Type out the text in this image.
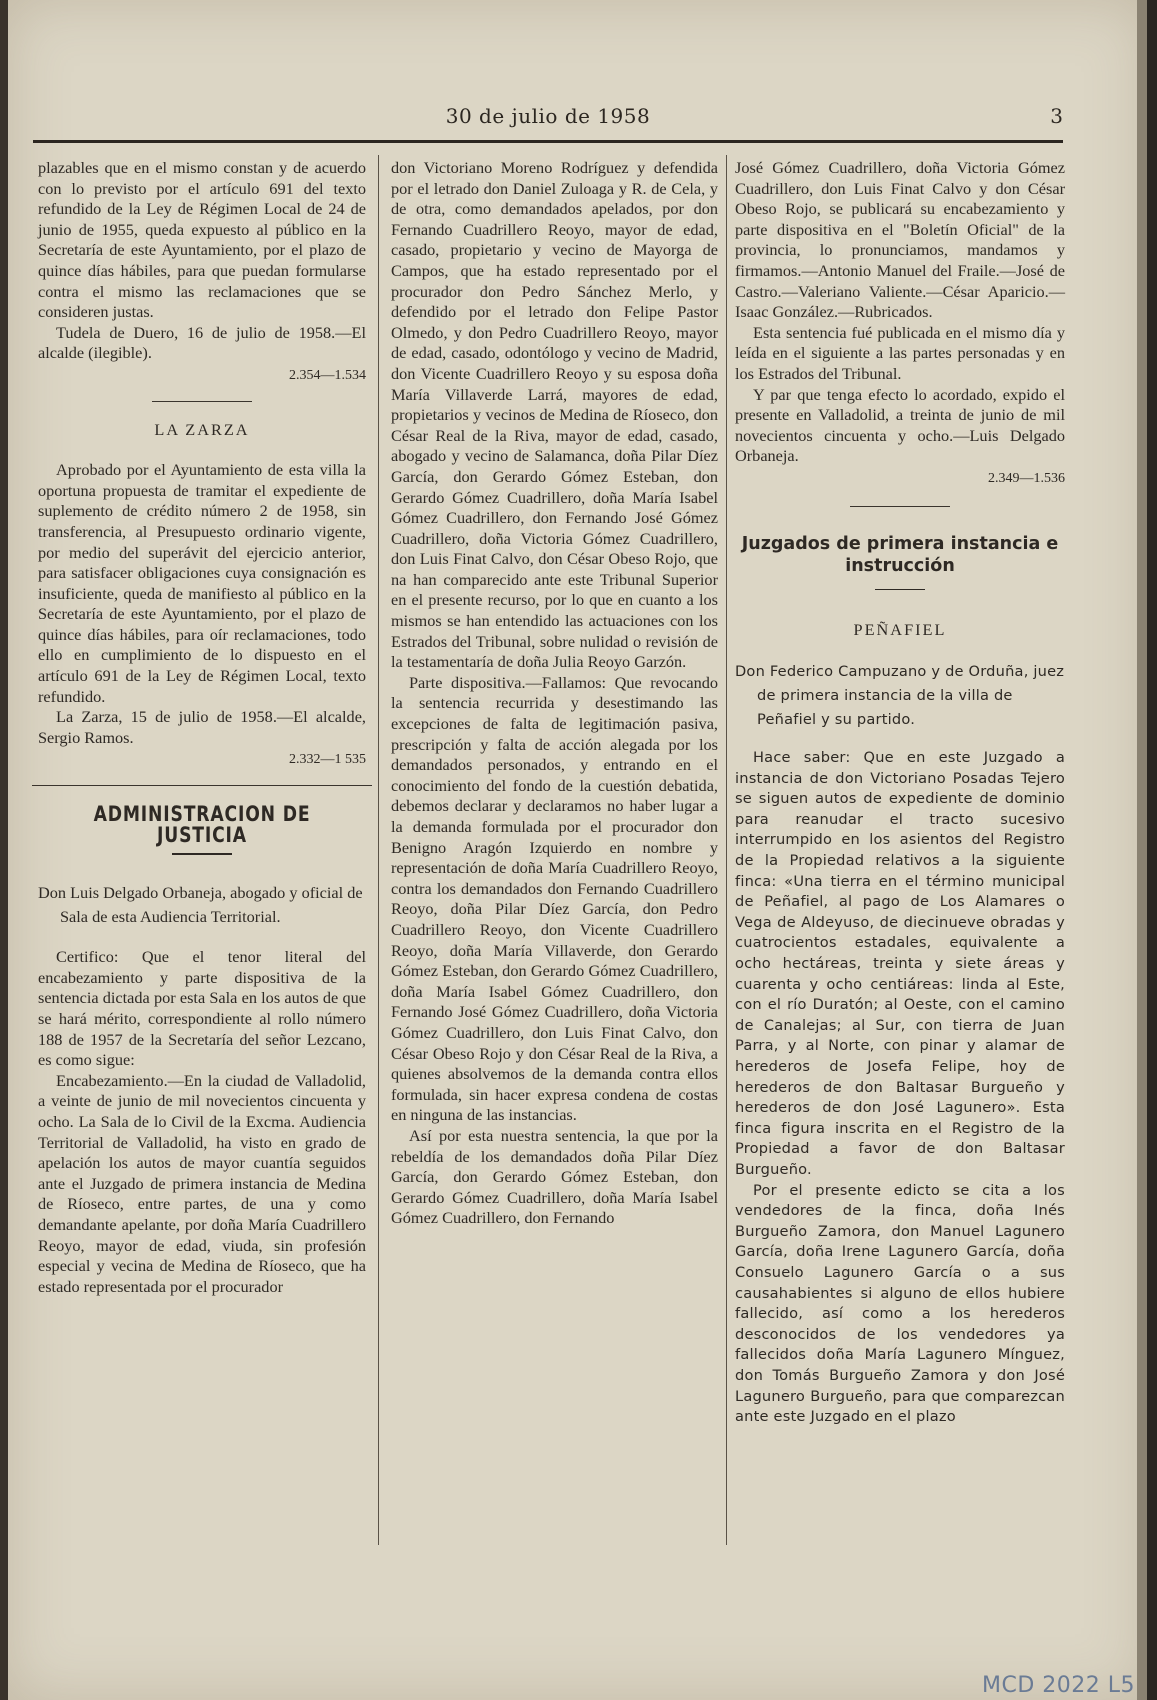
30 de julio de 1958	3

plazables que en el mismo constan y de acuerdo con lo previsto por el artículo 691 del texto refundido de la Ley de Régimen Local de 24 de junio de 1955, queda expuesto al público en la Secretaría de este Ayuntamiento, por el plazo de quince días hábiles, para que puedan formularse contra el mismo las reclamaciones que se consideren justas.

Tudela de Duero, 16 de julio de 1958.—El alcalde (ilegible).

2.354—1.534

LA ZARZA

Aprobado por el Ayuntamiento de esta villa la oportuna propuesta de tramitar el expediente de suplemento de crédito número 2 de 1958, sin transferencia, al Presupuesto ordinario vigente, por medio del superávit del ejercicio anterior, para satisfacer obligaciones cuya consignación es insuficiente, queda de manifiesto al público en la Secretaría de este Ayuntamiento, por el plazo de quince días hábiles, para oír reclamaciones, todo ello en cumplimiento de lo dispuesto en el artículo 691 de la Ley de Régimen Local, texto refundido.

La Zarza, 15 de julio de 1958.—El alcalde, Sergio Ramos.

2.332—1 535

ADMINISTRACION DE JUSTICIA

Don Luis Delgado Orbaneja, abogado y oficial de Sala de esta Audiencia Territorial.

Certifico: Que el tenor literal del encabezamiento y parte dispositiva de la sentencia dictada por esta Sala en los autos de que se hará mérito, correspondiente al rollo número 188 de 1957 de la Secretaría del señor Lezcano, es como sigue:

Encabezamiento.—En la ciudad de Valladolid, a veinte de junio de mil novecientos cincuenta y ocho. La Sala de lo Civil de la Excma. Audiencia Territorial de Valladolid, ha visto en grado de apelación los autos de mayor cuantía seguidos ante el Juzgado de primera instancia de Medina de Ríoseco, entre partes, de una y como demandante apelante, por doña María Cuadrillero Reoyo, mayor de edad, viuda, sin profesión especial y vecina de Medina de Ríoseco, que ha estado representada por el procurador

don Victoriano Moreno Rodríguez y defendida por el letrado don Daniel Zuloaga y R. de Cela, y de otra, como demandados apelados, por don Fernando Cuadrillero Reoyo, mayor de edad, casado, propietario y vecino de Mayorga de Campos, que ha estado representado por el procurador don Pedro Sánchez Merlo, y defendido por el letrado don Felipe Pastor Olmedo, y don Pedro Cuadrillero Reoyo, mayor de edad, casado, odontólogo y vecino de Madrid, don Vicente Cuadrillero Reoyo y su esposa doña María Villaverde Larrá, mayores de edad, propietarios y vecinos de Medina de Ríoseco, don César Real de la Riva, mayor de edad, casado, abogado y vecino de Salamanca, doña Pilar Díez García, don Gerardo Gómez Esteban, don Gerardo Gómez Cuadrillero, doña María Isabel Gómez Cuadrillero, don Fernando José Gómez Cuadrillero, doña Victoria Gómez Cuadrillero, don Luis Finat Calvo, don César Obeso Rojo, que na han comparecido ante este Tribunal Superior en el presente recurso, por lo que en cuanto a los mismos se han entendido las actuaciones con los Estrados del Tribunal, sobre nulidad o revisión de la testamentaría de doña Julia Reoyo Garzón.

Parte dispositiva.—Fallamos: Que revocando la sentencia recurrida y desestimando las excepciones de falta de legitimación pasiva, prescripción y falta de acción alegada por los demandados personados, y entrando en el conocimiento del fondo de la cuestión debatida, debemos declarar y declaramos no haber lugar a la demanda formulada por el procurador don Benigno Aragón Izquierdo en nombre y representación de doña María Cuadrillero Reoyo, contra los demandados don Fernando Cuadrillero Reoyo, doña Pilar Díez García, don Pedro Cuadrillero Reoyo, don Vicente Cuadrillero Reoyo, doña María Villaverde, don Gerardo Gómez Esteban, don Gerardo Gómez Cuadrillero, doña María Isabel Gómez Cuadrillero, don Fernando José Gómez Cuadrillero, doña Victoria Gómez Cuadrillero, don Luis Finat Calvo, don César Obeso Rojo y don César Real de la Riva, a quienes absolvemos de la demanda contra ellos formulada, sin hacer expresa condena de costas en ninguna de las instancias.

Así por esta nuestra sentencia, la que por la rebeldía de los demandados doña Pilar Díez García, don Gerardo Gómez Esteban, don Gerardo Gómez Cuadrillero, doña María Isabel Gómez Cuadrillero, don Fernando

José Gómez Cuadrillero, doña Victoria Gómez Cuadrillero, don Luis Finat Calvo y don César Obeso Rojo, se publicará su encabezamiento y parte dispositiva en el "Boletín Oficial" de la provincia, lo pronunciamos, mandamos y firmamos.—Antonio Manuel del Fraile.—José de Castro.—Valeriano Valiente.—César Aparicio.—Isaac González.—Rubricados.

Esta sentencia fué publicada en el mismo día y leída en el siguiente a las partes personadas y en los Estrados del Tribunal.

Y par que tenga efecto lo acordado, expido el presente en Valladolid, a treinta de junio de mil novecientos cincuenta y ocho.—Luis Delgado Orbaneja.

2.349—1.536

Juzgados de primera instancia e instrucción

PEÑAFIEL

Don Federico Campuzano y de Orduña, juez de primera instancia de la villa de Peñafiel y su partido.

Hace saber: Que en este Juzgado a instancia de don Victoriano Posadas Tejero se siguen autos de expediente de dominio para reanudar el tracto sucesivo interrumpido en los asientos del Registro de la Propiedad relativos a la siguiente finca: «Una tierra en el término municipal de Peñafiel, al pago de Los Alamares o Vega de Aldeyuso, de diecinueve obradas y cuatrocientos estadales, equivalente a ocho hectáreas, treinta y siete áreas y cuarenta y ocho centiáreas: linda al Este, con el río Duratón; al Oeste, con el camino de Canalejas; al Sur, con tierra de Juan Parra, y al Norte, con pinar y alamar de herederos de Josefa Felipe, hoy de herederos de don Baltasar Burgueño y herederos de don José Lagunero». Esta finca figura inscrita en el Registro de la Propiedad a favor de don Baltasar Burgueño.

Por el presente edicto se cita a los vendedores de la finca, doña Inés Burgueño Zamora, don Manuel Lagunero García, doña Irene Lagunero García, doña Consuelo Lagunero García o a sus causahabientes si alguno de ellos hubiere fallecido, así como a los herederos desconocidos de los vendedores ya fallecidos doña María Lagunero Mínguez, don Tomás Burgueño Zamora y don José Lagunero Burgueño, para que comparezcan ante este Juzgado en el plazo

MCD 2022 L5
